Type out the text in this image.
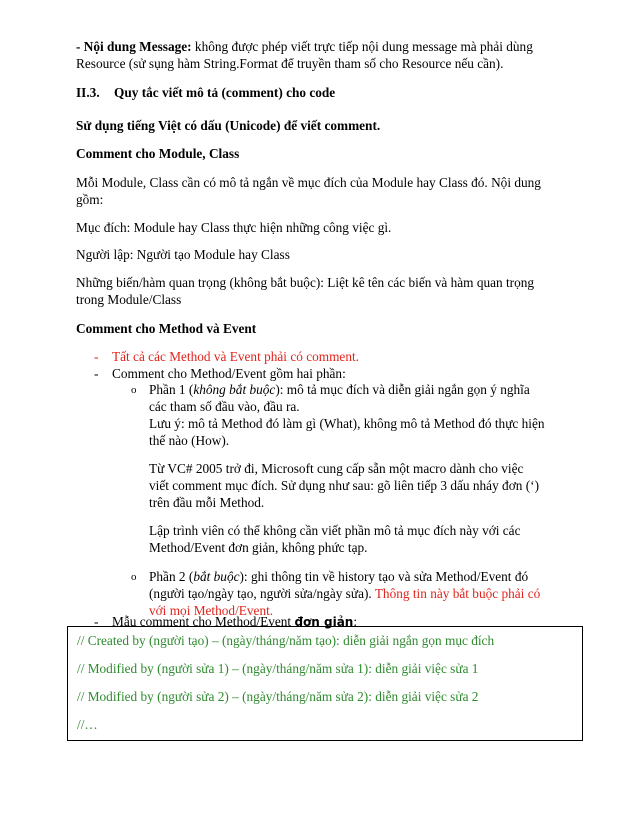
- Nội dung Message: không được phép viết trực tiếp nội dung message mà phải dùng
Resource (sử sụng hàm String.Format để truyền tham số cho Resource nếu cần).
II.3. Quy tắc viết mô tả (comment) cho code
Sử dụng tiếng Việt có dấu (Unicode) để viết comment.
Comment cho Module, Class
Mỗi Module, Class cần có mô tả ngắn về mục đích của Module hay Class đó. Nội dung
gồm:
Mục đích: Module hay Class thực hiện những công việc gì.
Người lập: Người tạo Module hay Class
Những biến/hàm quan trọng (không bắt buộc): Liệt kê tên các biến và hàm quan trọng
trong Module/Class
Comment cho Method và Event
-	Tất cả các Method và Event phải có comment.
-	Comment cho Method/Event gồm hai phần:
o Phần 1 (không bắt buộc): mô tả mục đích và diễn giải ngắn gọn ý nghĩa
các tham số đầu vào, đầu ra.
Lưu ý: mô tả Method đó làm gì (What), không mô tả Method đó thực hiện
thế nào (How).
Từ VC# 2005 trở đi, Microsoft cung cấp sẵn một macro dành cho việc
viết comment mục đích. Sử dụng như sau: gõ liên tiếp 3 dấu nháy đơn (‘)
trên đầu mỗi Method.
Lập trình viên có thể không cần viết phần mô tả mục đích này với các
Method/Event đơn giản, không phức tạp.
o Phần 2 (bắt buộc): ghi thông tin về history tạo và sửa Method/Event đó
(người tạo/ngày tạo, người sửa/ngày sửa). Thông tin này bắt buộc phải có
với mọi Method/Event.
-	Mẫu comment cho Method/Event đơn giản:
// Created by (người tạo) – (ngày/tháng/năm tạo): diễn giải ngắn gọn mục đích
// Modified by (người sửa 1) – (ngày/tháng/năm sửa 1): diễn giải việc sửa 1
// Modified by (người sửa 2) – (ngày/tháng/năm sửa 2): diễn giải việc sửa 2
//…
